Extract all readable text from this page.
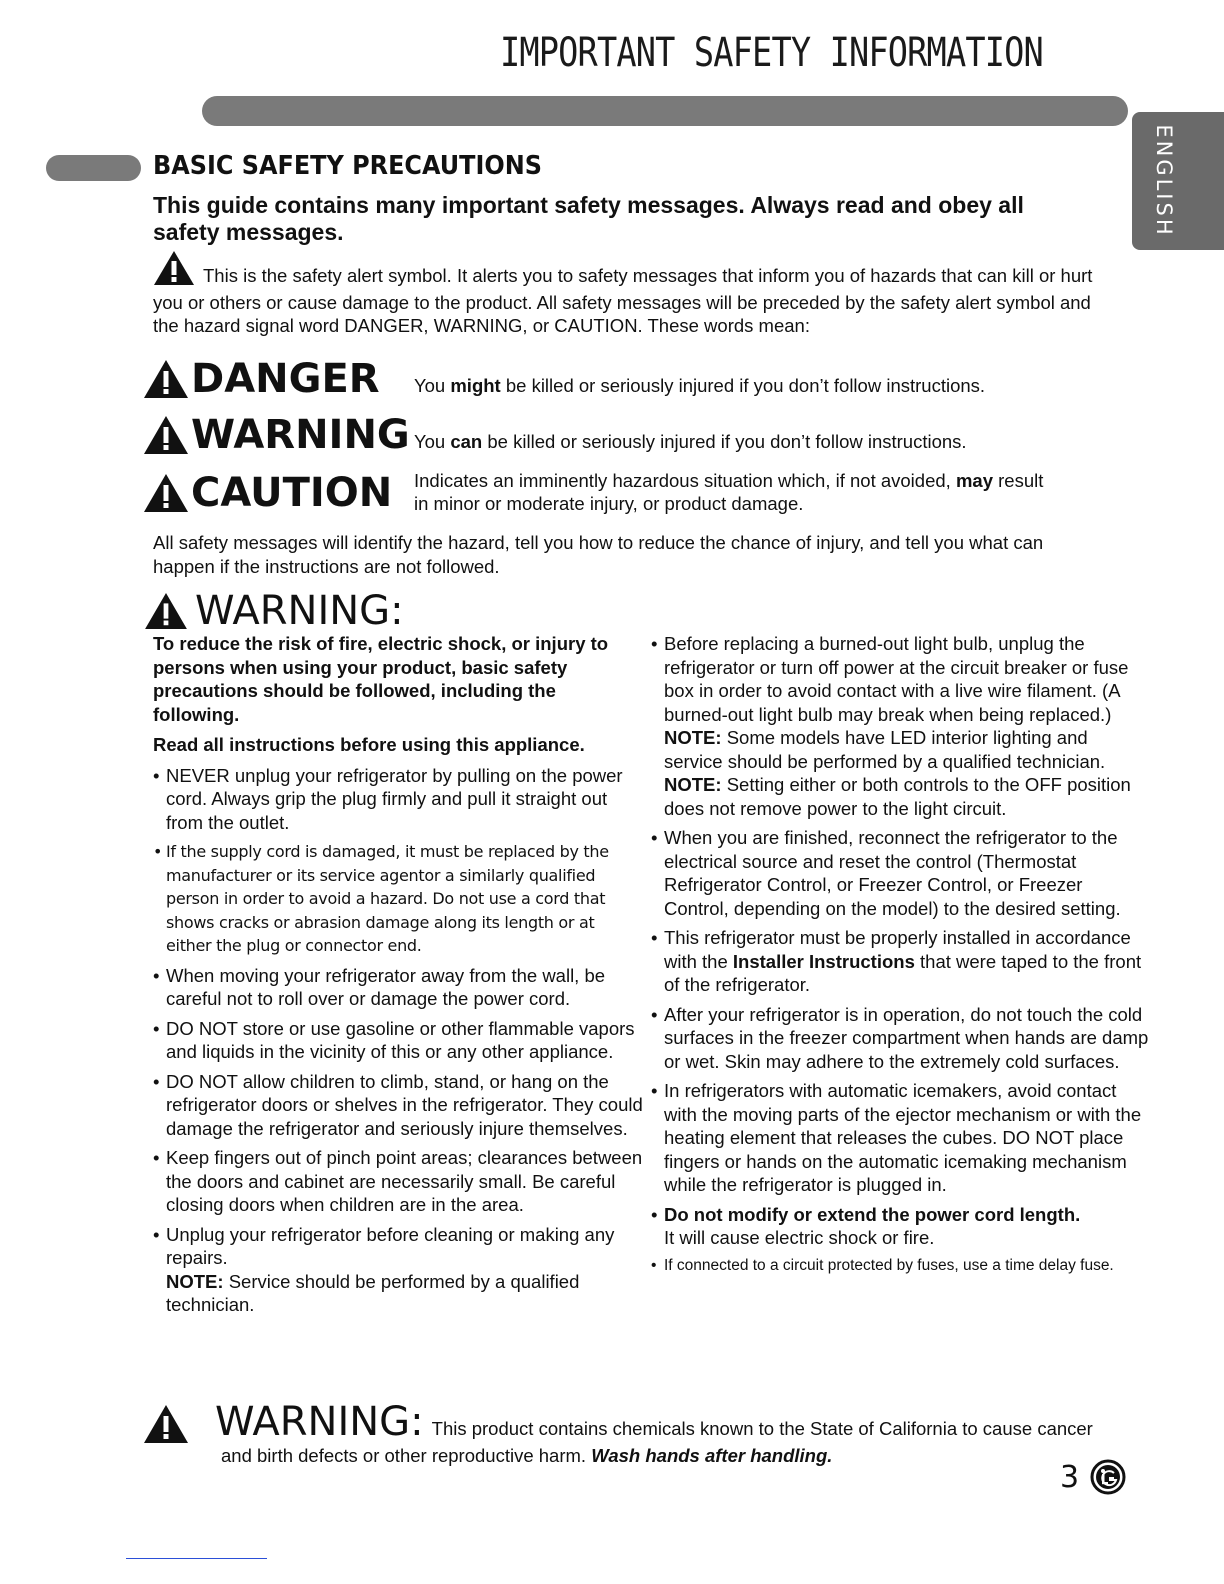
IMPORTANT SAFETY INFORMATION
ENGLISH
BASIC SAFETY PRECAUTIONS
This guide contains many important safety messages. Always read and obey all safety messages.
This is the safety alert symbol. It alerts you to safety messages that inform you of hazards that can kill or hurt you or others or cause damage to the product. All safety messages will be preceded by the safety alert symbol and the hazard signal word DANGER, WARNING, or CAUTION. These words mean:
DANGER You might be killed or seriously injured if you don’t follow instructions.
WARNING You can be killed or seriously injured if you don’t follow instructions.
CAUTION Indicates an imminently hazardous situation which, if not avoided, may result in minor or moderate injury, or product damage.
All safety messages will identify the hazard, tell you how to reduce the chance of injury, and tell you what can happen if the instructions are not followed.
WARNING:

To reduce the risk of fire, electric shock, or injury to persons when using your product, basic safety precautions should be followed, including the following.

Read all instructions before using this appliance.

• NEVER unplug your refrigerator by pulling on the power cord. Always grip the plug firmly and pull it straight out from the outlet.
• If the supply cord is damaged, it must be replaced by the manufacturer or its service agentor a similarly qualified person in order to avoid a hazard. Do not use a cord that shows cracks or abrasion damage along its length or at either the plug or connector end.
• When moving your refrigerator away from the wall, be careful not to roll over or damage the power cord.
• DO NOT store or use gasoline or other flammable vapors and liquids in the vicinity of this or any other appliance.
• DO NOT allow children to climb, stand, or hang on the refrigerator doors or shelves in the refrigerator. They could damage the refrigerator and seriously injure themselves.
• Keep fingers out of pinch point areas; clearances between the doors and cabinet are necessarily small. Be careful closing doors when children are in the area.
• Unplug your refrigerator before cleaning or making any repairs.
NOTE: Service should be performed by a qualified technician.
• Before replacing a burned-out light bulb, unplug the refrigerator or turn off power at the circuit breaker or fuse box in order to avoid contact with a live wire filament. (A burned-out light bulb may break when being replaced.)
NOTE: Some models have LED interior lighting and service should be performed by a qualified technician.
NOTE: Setting either or both controls to the OFF position does not remove power to the light circuit.
• When you are finished, reconnect the refrigerator to the electrical source and reset the control (Thermostat Refrigerator Control, or Freezer Control, or Freezer Control, depending on the model) to the desired setting.
• This refrigerator must be properly installed in accordance with the Installer Instructions that were taped to the front of the refrigerator.
• After your refrigerator is in operation, do not touch the cold surfaces in the freezer compartment when hands are damp or wet. Skin may adhere to the extremely cold surfaces.
• In refrigerators with automatic icemakers, avoid contact with the moving parts of the ejector mechanism or with the heating element that releases the cubes. DO NOT place fingers or hands on the automatic icemaking mechanism while the refrigerator is plugged in.
• Do not modify or extend the power cord length.
It will cause electric shock or fire.
• If connected to a circuit protected by fuses, use a time delay fuse.
WARNING: This product contains chemicals known to the State of California to cause cancer
and birth defects or other reproductive harm. Wash hands after handling.
3
